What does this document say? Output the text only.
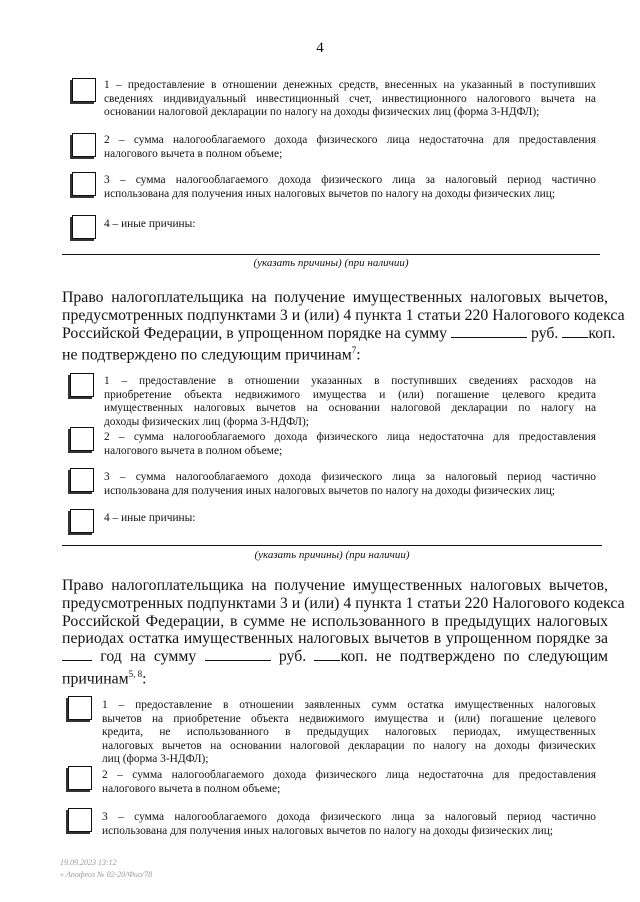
4
1 – предоставление в отношении денежных средств, внесенных на указанный в поступивших
сведениях индивидуальный инвестиционный счет, инвестиционного налогового вычета на
основании налоговой декларации по налогу на доходы физических лиц (форма 3-НДФЛ);
2 – сумма налогооблагаемого дохода физического лица недостаточна для предоставления
налогового вычета в полном объеме;
3 – сумма налогооблагаемого дохода физического лица за налоговый период частично
использована для получения иных налоговых вычетов по налогу на доходы физических лиц;
4 – иные причины:
(указать причины) (при наличии)
Право налогоплательщика на получение имущественных налоговых вычетов,
предусмотренных подпунктами 3 и (или) 4 пункта 1 статьи 220 Налогового кодекса
Российской Федерации, в упрощенном порядке на сумму	руб. коп.
не подтверждено по следующим причинам$^7$:
1 – предоставление в отношении указанных в поступивших сведениях расходов на
приобретение объекта недвижимого имущества и (или) погашение целевого кредита
имущественных налоговых вычетов на основании налоговой декларации по налогу на
доходы физических лиц (форма 3-НДФЛ);
2 – сумма налогооблагаемого дохода физического лица недостаточна для предоставления
налогового вычета в полном объеме;
3 – сумма налогооблагаемого дохода физического лица за налоговый период частично
использована для получения иных налоговых вычетов по налогу на доходы физических лиц;
4 – иные причины:
(указать причины) (при наличии)
Право налогоплательщика на получение имущественных налоговых вычетов,
предусмотренных подпунктами 3 и (или) 4 пункта 1 статьи 220 Налогового кодекса
Российской Федерации, в сумме не использованного в предыдущих налоговых
периодах остатка имущественных налоговых вычетов в упрощенном порядке за
год на сумму	руб. коп. не подтверждено по следующим
причинам$^{5, 8}$:
1 – предоставление в отношении заявленных сумм остатка имущественных налоговых
вычетов на приобретение объекта недвижимого имущества и (или) погашение целевого
кредита, не использованного в предыдущих налоговых периодах, имущественных
налоговых вычетов на основании налоговой декларации по налогу на доходы физических
лиц (форма 3-НДФЛ);
2 – сумма налогооблагаемого дохода физического лица недостаточна для предоставления
налогового вычета в полном объеме;
3 – сумма налогооблагаемого дохода физического лица за налоговый период частично
использована для получения иных налоговых вычетов по налогу на доходы физических лиц;
19.09.2023 13:12
« Апофеоз № 02-20/Фио/78
